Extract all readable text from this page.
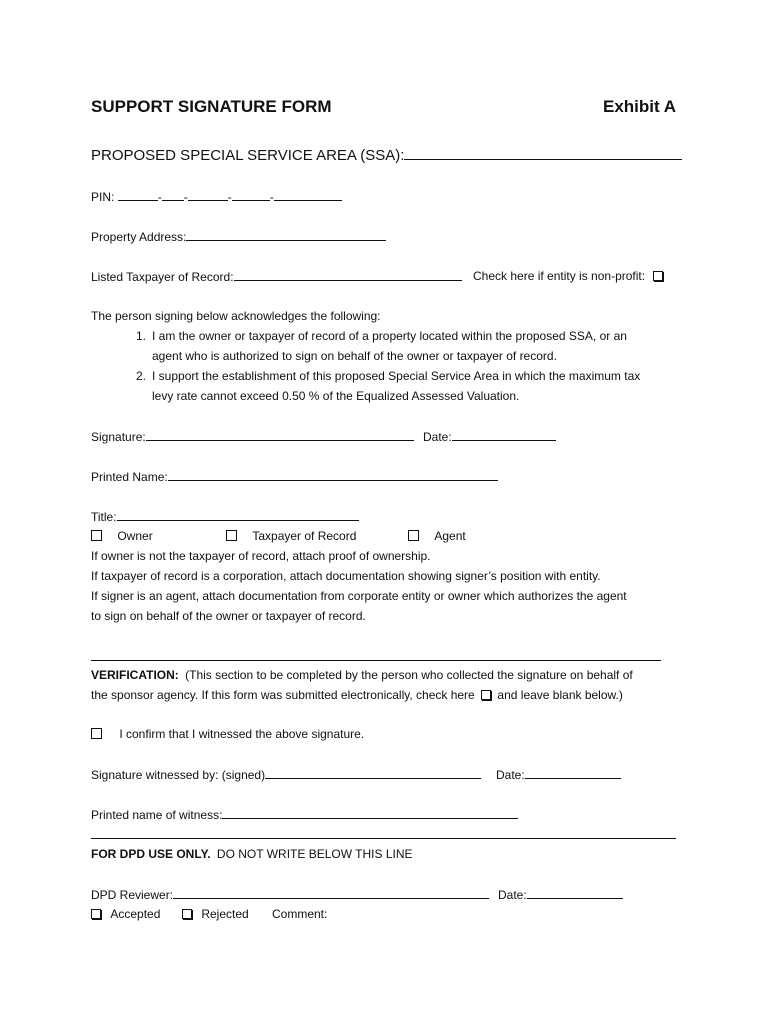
SUPPORT SIGNATURE FORM	Exhibit A
PROPOSED SPECIAL SERVICE AREA (SSA):
PIN:	- -	-	-
Property Address:
Listed Taxpayer of Record:	Check here if entity is non-profit:
The person signing below acknowledges the following:
1. I am the owner or taxpayer of record of a property located within the proposed SSA, or an
agent who is authorized to sign on behalf of the owner or taxpayer of record.
2. I support the establishment of this proposed Special Service Area in which the maximum tax
levy rate cannot exceed 0.50 % of the Equalized Assessed Valuation.
Signature:	Date:
Printed Name:
Title:
Owner	Taxpayer of Record	Agent
If owner is not the taxpayer of record, attach proof of ownership.
If taxpayer of record is a corporation, attach documentation showing signer’s position with entity.
If signer is an agent, attach documentation from corporate entity or owner which authorizes the agent
to sign on behalf of the owner or taxpayer of record.
VERIFICATION: (This section to be completed by the person who collected the signature on behalf of
the sponsor agency. If this form was submitted electronically, check here and leave blank below.)
I confirm that I witnessed the above signature.
Signature witnessed by: (signed)	Date:
Printed name of witness:
FOR DPD USE ONLY. DO NOT WRITE BELOW THIS LINE
DPD Reviewer:	Date:
Accepted	Rejected Comment:
